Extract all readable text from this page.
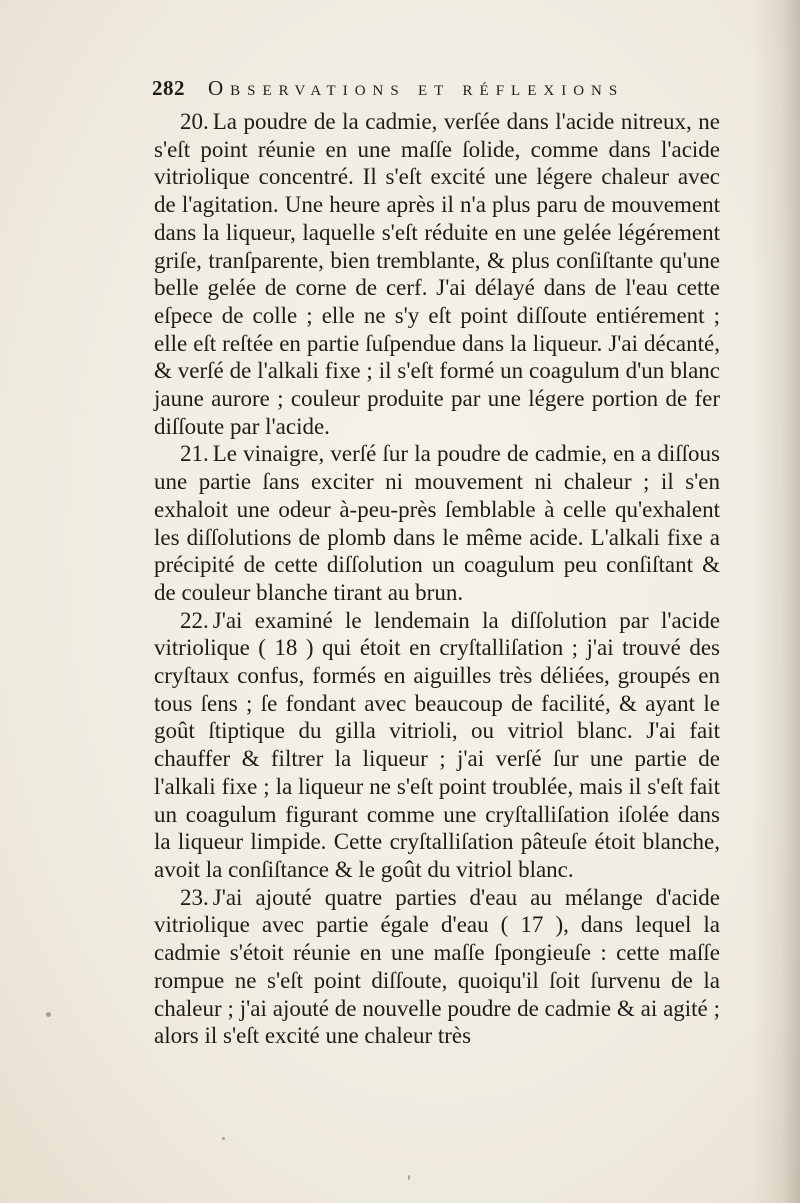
282 Observations et réflexions

20. La poudre de la cadmie, verſée dans l'acide nitreux, ne s'eſt point réunie en une maſſe ſolide, comme dans l'acide vitriolique concentré. Il s'eſt excité une légere chaleur avec de l'agitation. Une heure après il n'a plus paru de mouvement dans la liqueur, laquelle s'eſt réduite en une gelée légérement griſe, tranſparente, bien tremblante, & plus conſiſtante qu'une belle gelée de corne de cerf. J'ai délayé dans de l'eau cette eſpece de colle ; elle ne s'y eſt point diſſoute entiérement ; elle eſt reſtée en partie ſuſpendue dans la liqueur. J'ai décanté, & verſé de l'alkali fixe ; il s'eſt formé un coagulum d'un blanc jaune aurore ; couleur produite par une légere portion de fer diſſoute par l'acide.

21. Le vinaigre, verſé ſur la poudre de cadmie, en a diſſous une partie ſans exciter ni mouvement ni chaleur ; il s'en exhaloit une odeur à-peu-près ſemblable à celle qu'exhalent les diſſolutions de plomb dans le même acide. L'alkali fixe a précipité de cette diſſolution un coagulum peu conſiſtant & de couleur blanche tirant au brun.

22. J'ai examiné le lendemain la diſſolution par l'acide vitriolique ( 18 ) qui étoit en cryſtalliſation ; j'ai trouvé des cryſtaux confus, formés en aiguilles très déliées, groupés en tous ſens ; ſe fondant avec beaucoup de facilité, & ayant le goût ſtiptique du gilla vitrioli, ou vitriol blanc. J'ai fait chauffer & filtrer la liqueur ; j'ai verſé ſur une partie de l'alkali fixe ; la liqueur ne s'eſt point troublée, mais il s'eſt fait un coagulum figurant comme une cryſtalliſation iſolée dans la liqueur limpide. Cette cryſtalliſation pâteuſe étoit blanche, avoit la conſiſtance & le goût du vitriol blanc.

23. J'ai ajouté quatre parties d'eau au mélange d'acide vitriolique avec partie égale d'eau ( 17 ), dans lequel la cadmie s'étoit réunie en une maſſe ſpongieuſe : cette maſſe rompue ne s'eſt point diſſoute, quoiqu'il ſoit ſurvenu de la chaleur ; j'ai ajouté de nouvelle poudre de cadmie & ai agité ; alors il s'eſt excité une chaleur très
